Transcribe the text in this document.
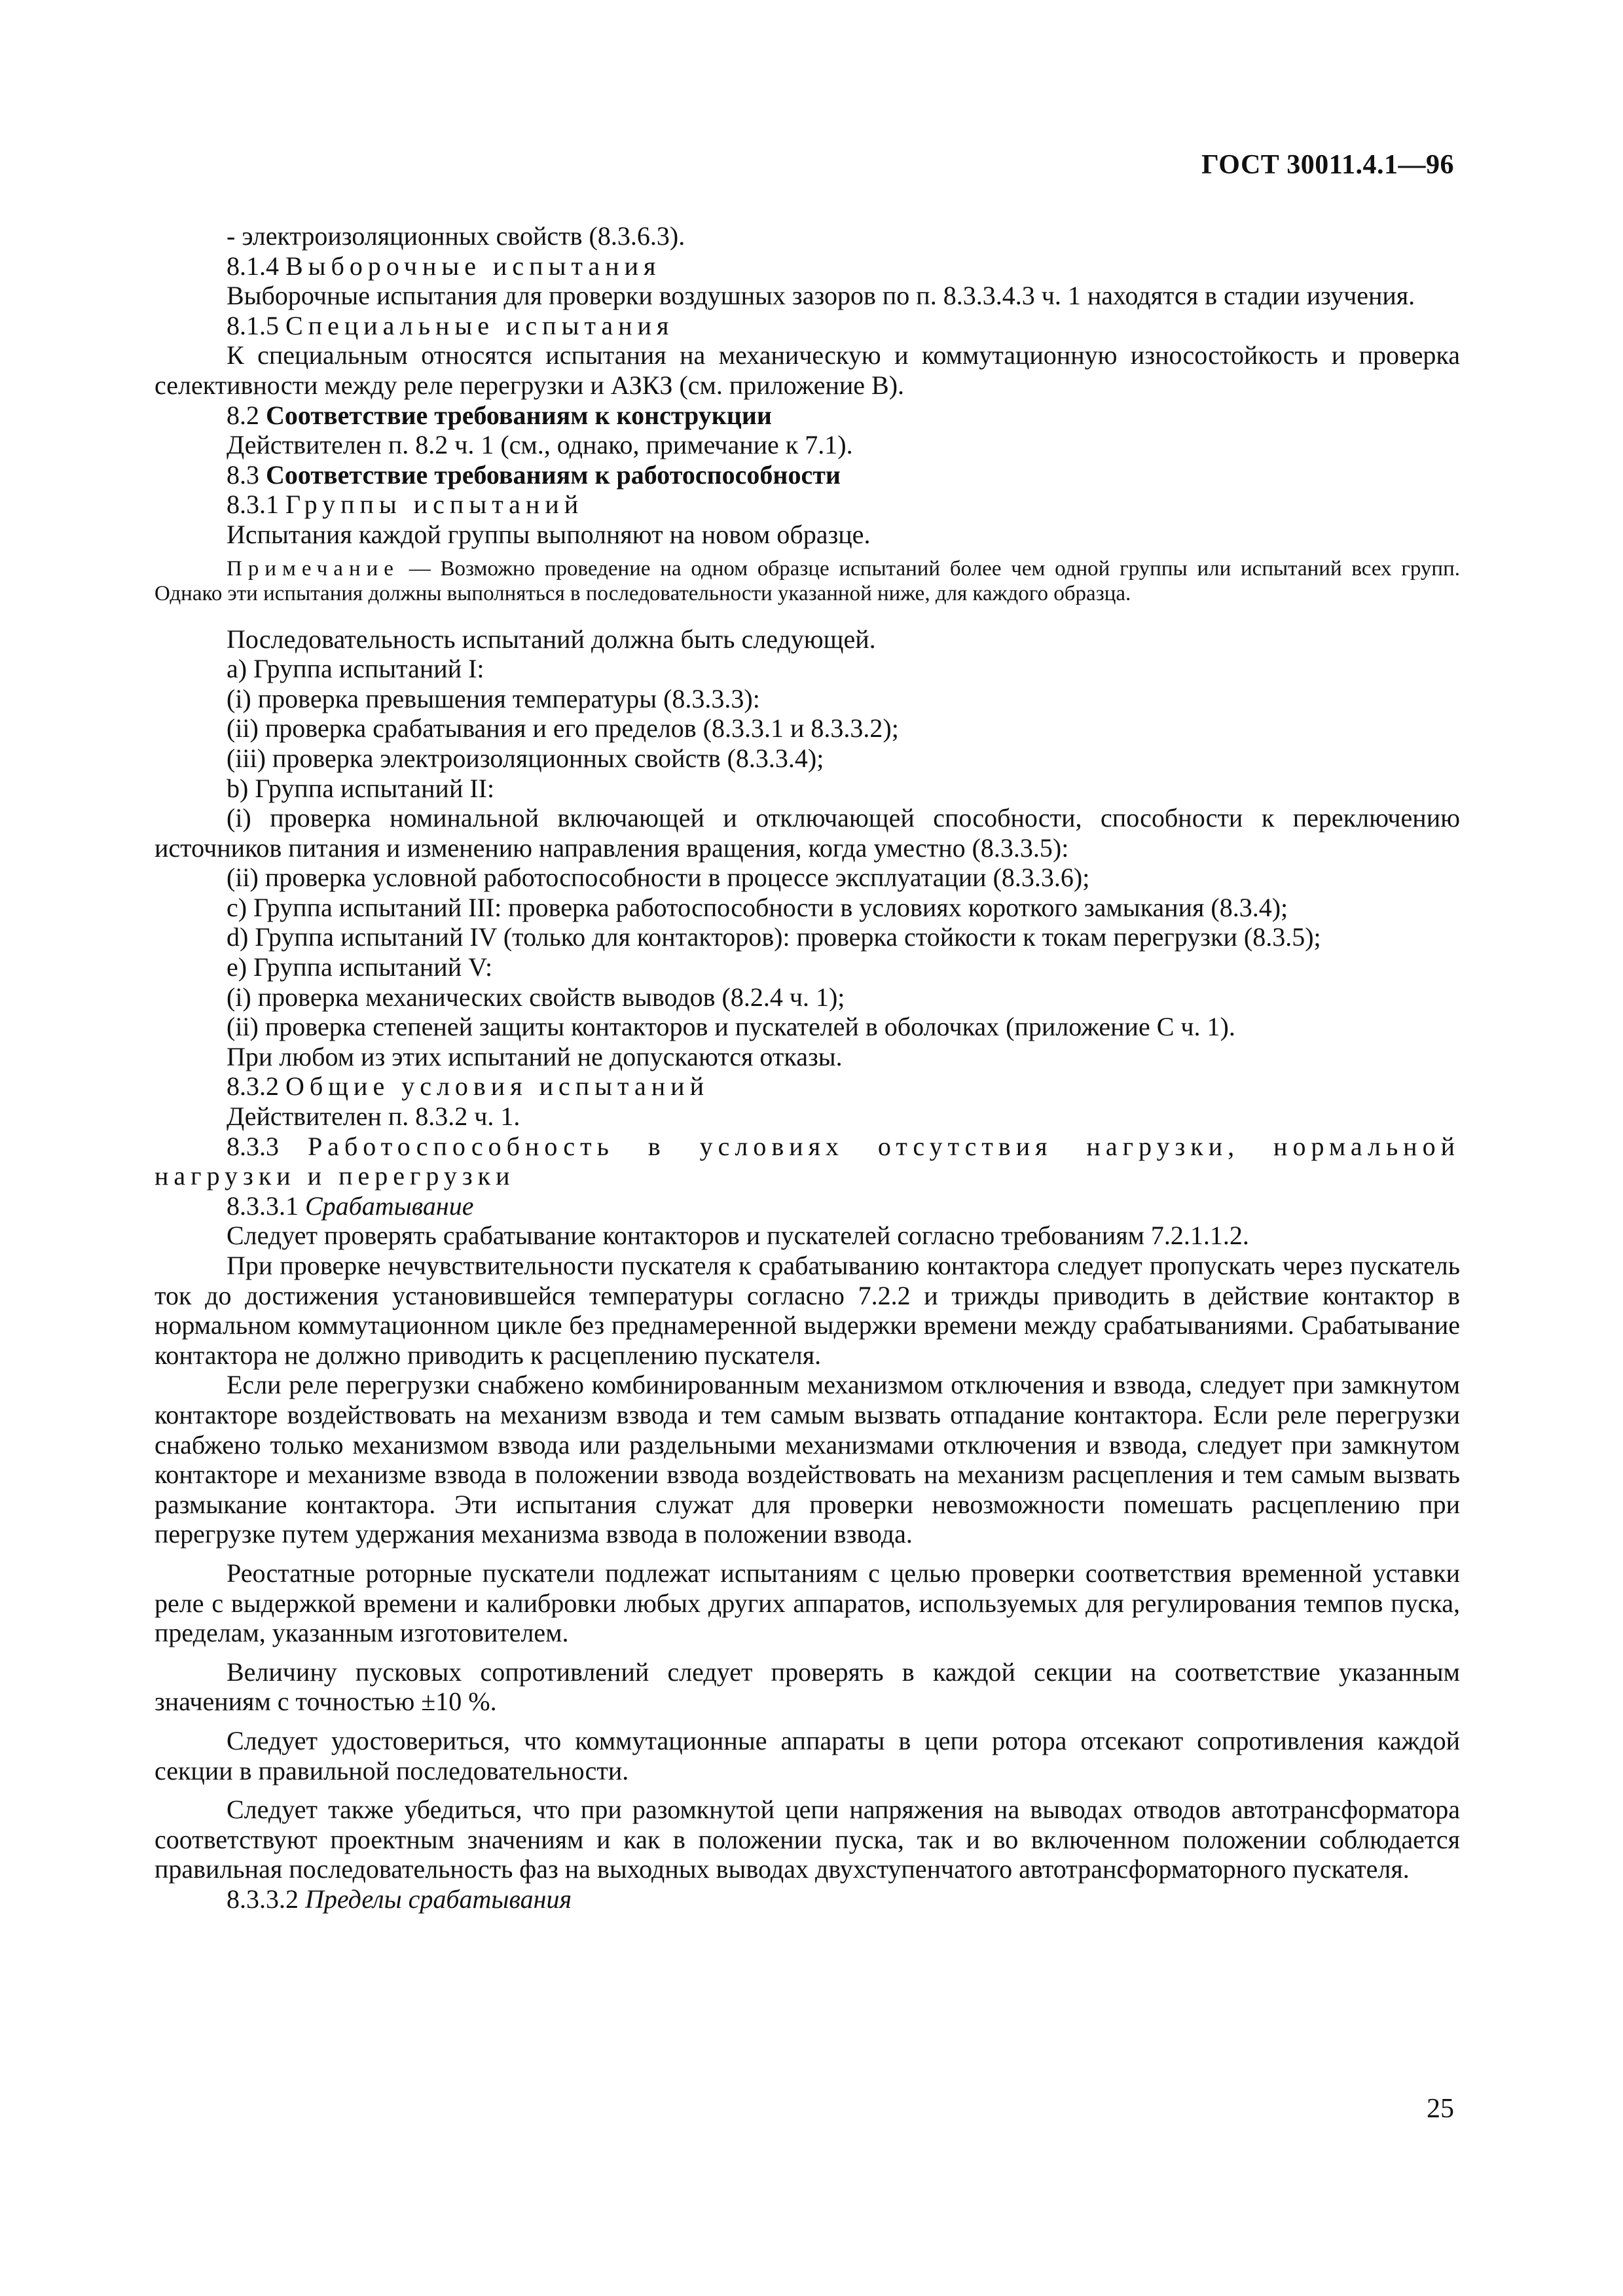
ГОСТ 30011.4.1—96

- электроизоляционных свойств (8.3.6.3).

8.1.4 Выборочные испытания

Выборочные испытания для проверки воздушных зазоров по п. 8.3.3.4.3 ч. 1 находятся в стадии изучения.

8.1.5 Специальные испытания

К специальным относятся испытания на механическую и коммутационную износостойкость и проверка селективности между реле перегрузки и АЗКЗ (см. приложение В).

8.2 Соответствие требованиям к конструкции

Действителен п. 8.2 ч. 1 (см., однако, примечание к 7.1).

8.3 Соответствие требованиям к работоспособности

8.3.1 Группы испытаний

Испытания каждой группы выполняют на новом образце.

Примечание — Возможно проведение на одном образце испытаний более чем одной группы или испытаний всех групп. Однако эти испытания должны выполняться в последовательности указанной ниже, для каждого образца.

Последовательность испытаний должна быть следующей.

а) Группа испытаний I:

(i) проверка превышения температуры (8.3.3.3):

(ii) проверка срабатывания и его пределов (8.3.3.1 и 8.3.3.2);

(iii) проверка электроизоляционных свойств (8.3.3.4);

b) Группа испытаний II:

(i) проверка номинальной включающей и отключающей способности, способности к переключению источников питания и изменению направления вращения, когда уместно (8.3.3.5):

(ii) проверка условной работоспособности в процессе эксплуатации (8.3.3.6);

с) Группа испытаний III: проверка работоспособности в условиях короткого замыкания (8.3.4);

d) Группа испытаний IV (только для контакторов): проверка стойкости к токам перегрузки (8.3.5);

е) Группа испытаний V:

(i) проверка механических свойств выводов (8.2.4 ч. 1);

(ii) проверка степеней защиты контакторов и пускателей в оболочках (приложение С ч. 1).

При любом из этих испытаний не допускаются отказы.

8.3.2 Общие условия испытаний

Действителен п. 8.3.2 ч. 1.

8.3.3 Работоспособность в условиях отсутствия нагрузки, нормальной нагрузки и перегрузки

8.3.3.1 Срабатывание

Следует проверять срабатывание контакторов и пускателей согласно требованиям 7.2.1.1.2.

При проверке нечувствительности пускателя к срабатыванию контактора следует пропускать через пускатель ток до достижения установившейся температуры согласно 7.2.2 и трижды приводить в действие контактор в нормальном коммутационном цикле без преднамеренной выдержки времени между срабатываниями. Срабатывание контактора не должно приводить к расцеплению пускателя.

Если реле перегрузки снабжено комбинированным механизмом отключения и взвода, следует при замкнутом контакторе воздействовать на механизм взвода и тем самым вызвать отпадание контактора. Если реле перегрузки снабжено только механизмом взвода или раздельными механизмами отключения и взвода, следует при замкнутом контакторе и механизме взвода в положении взвода воздействовать на механизм расцепления и тем самым вызвать размыкание контактора. Эти испытания служат для проверки невозможности помешать расцеплению при перегрузке путем удержания механизма взвода в положении взвода.

Реостатные роторные пускатели подлежат испытаниям с целью проверки соответствия временной уставки реле с выдержкой времени и калибровки любых других аппаратов, используемых для регулирования темпов пуска, пределам, указанным изготовителем.

Величину пусковых сопротивлений следует проверять в каждой секции на соответствие указанным значениям с точностью ±10 %.

Следует удостовериться, что коммутационные аппараты в цепи ротора отсекают сопротивления каждой секции в правильной последовательности.

Следует также убедиться, что при разомкнутой цепи напряжения на выводах отводов автотрансформатора соответствуют проектным значениям и как в положении пуска, так и во включенном положении соблюдается правильная последовательность фаз на выходных выводах двухступенчатого автотрансформаторного пускателя.

8.3.3.2 Пределы срабатывания

25
